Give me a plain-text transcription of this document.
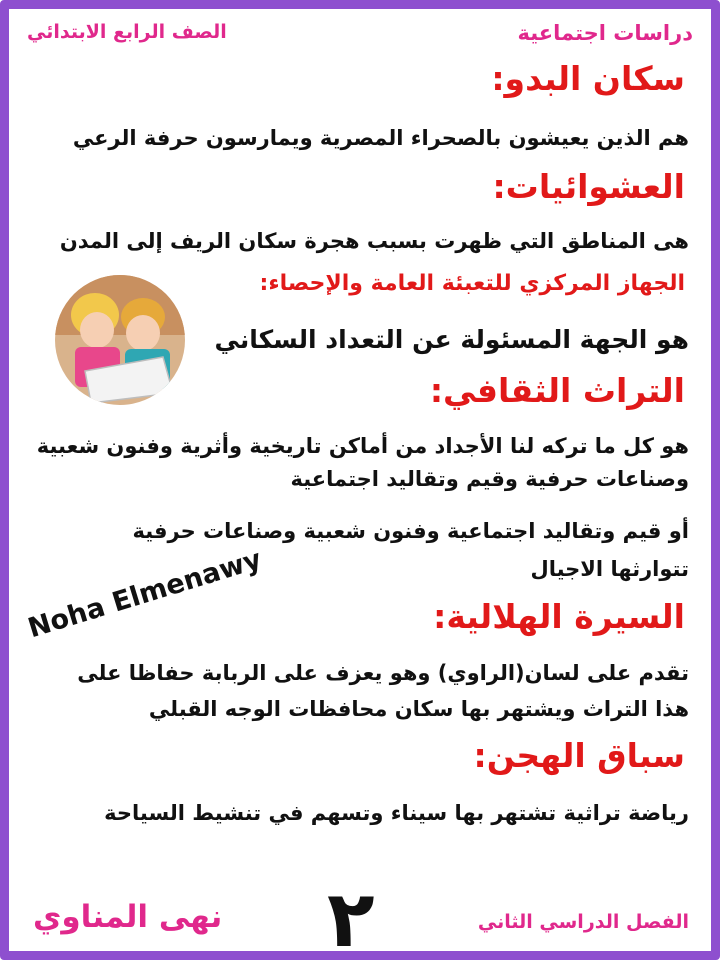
دراسات اجتماعية

الصف الرابع الابتدائي

سكان البدو:

هم الذين يعيشون بالصحراء المصرية ويمارسون حرفة الرعي

العشوائيات:

هى المناطق التي ظهرت بسبب هجرة سكان الريف إلى المدن

الجهاز المركزي للتعبئة العامة والإحصاء:

هو الجهة المسئولة عن التعداد السكاني

التراث الثقافي:

هو كل ما تركه لنا الأجداد من أماكن تاريخية وأثرية وفنون شعبية

وصناعات حرفية وقيم وتقاليد اجتماعية

أو قيم وتقاليد اجتماعية وفنون شعبية وصناعات حرفية

تتوارثها الاجيال

السيرة الهلالية:

تقدم على لسان(الراوي) وهو يعزف على الربابة حفاظا على

هذا التراث ويشتهر بها سكان محافظات الوجه القبلي

Noha Elmenawy

سباق الهجن:

رياضة تراثية تشتهر بها سيناء وتسهم في تنشيط السياحة

نهى المناوي ٢	الفصل الدراسي الثاني
